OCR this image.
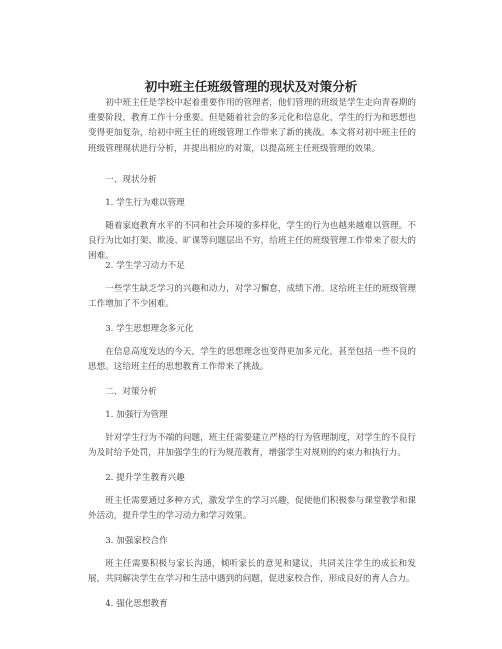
初中班主任班级管理的现状及对策分析

初中班主任是学校中起着重要作用的管理者，他们管理的班级是学生走向青春期的重要阶段，教育工作十分重要。但是随着社会的多元化和信息化，学生的行为和思想也变得更加复杂，给初中班主任的班级管理工作带来了新的挑战。本文将对初中班主任的班级管理现状进行分析，并提出相应的对策，以提高班主任班级管理的效果。

一、现状分析

1. 学生行为难以管理

随着家庭教育水平的不同和社会环境的多样化，学生的行为也越来越难以管理。不良行为比如打架、欺凌、旷课等问题层出不穷，给班主任的班级管理工作带来了很大的困难。

2. 学生学习动力不足

一些学生缺乏学习的兴趣和动力，对学习懈怠，成绩下滑。这给班主任的班级管理工作增加了不少困难。

3. 学生思想理念多元化

在信息高度发达的今天，学生的思想理念也变得更加多元化，甚至包括一些不良的思想。这给班主任的思想教育工作带来了挑战。

二、对策分析

1. 加强行为管理

针对学生行为不端的问题，班主任需要建立严格的行为管理制度，对学生的不良行为及时给予处罚，并加强学生的行为规范教育，增强学生对规则的约束力和执行力。

2. 提升学生教育兴趣

班主任需要通过多种方式，激发学生的学习兴趣，促使他们积极参与课堂教学和课外活动，提升学生的学习动力和学习效果。

3. 加强家校合作

班主任需要积极与家长沟通，倾听家长的意见和建议，共同关注学生的成长和发展，共同解决学生在学习和生活中遇到的问题，促进家校合作，形成良好的育人合力。

4. 强化思想教育
